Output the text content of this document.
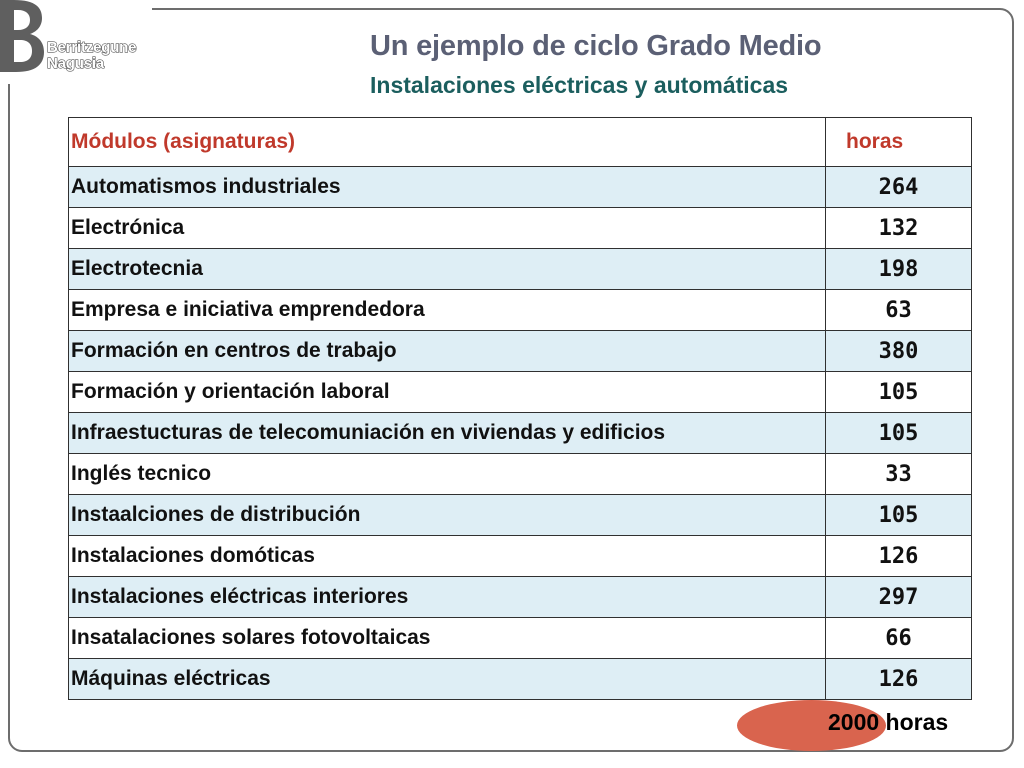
Berritzegune
Nagusia
Un ejemplo de ciclo Grado Medio
Instalaciones eléctricas y automáticas
Módulos (asignaturas)	horas
Automatismos industriales	264
Electrónica	132
Electrotecnia	198
Empresa e iniciativa emprendedora	63
Formación en centros de trabajo	380
Formación y orientación laboral	105
Infraestucturas de telecomuniación en viviendas y edificios	105
Inglés tecnico	33
Instaalciones de distribución	105
Instalaciones domóticas	126
Instalaciones eléctricas interiores	297
Insatalaciones solares fotovoltaicas	66
Máquinas eléctricas	126
2000 horas
